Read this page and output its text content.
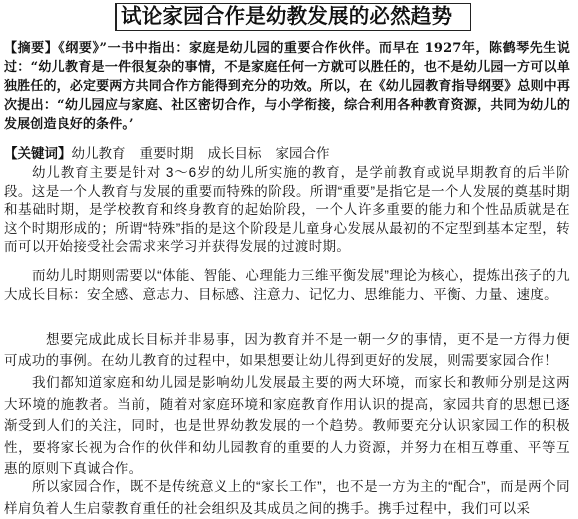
试论家园合作是幼教发展的必然趋势

【摘要】《纲要》”一书中指出：家庭是幼儿园的重要合作伙伴。而早在 1927年，陈鹤琴先生说过：“幼儿教育是一件很复杂的事情，不是家庭任何一方就可以胜任的，也不是幼儿园一方可以单独胜任的，必定要两方共同合作方能得到充分的功效。所以，在《幼儿园教育指导纲要》总则中再次提出：“幼儿园应与家庭、社区密切合作，与小学衔接，综合利用各种教育资源，共同为幼儿的发展创造良好的条件。’

【关键词】幼儿教育 重要时期 成长目标 家园合作

幼儿教育主要是针对 3～6岁的幼儿所实施的教育，是学前教育或说早期教育的后半阶段。这是一个人教育与发展的重要而特殊的阶段。所谓“重要”是指它是一个人发展的奠基时期和基础时期，是学校教育和终身教育的起始阶段，一个人许多重要的能力和个性品质就是在这个时期形成的；所谓“特殊”指的是这个阶段是儿童身心发展从最初的不定型到基本定型，转而可以开始接受社会需求来学习并获得发展的过渡时期。

而幼儿时期则需要以“体能、智能、心理能力三维平衡发展”理论为核心，提炼出孩子的九大成长目标：安全感、意志力、目标感、注意力、记忆力、思维能力、平衡、力量、速度。

想要完成此成长目标并非易事，因为教育并不是一朝一夕的事情，更不是一方得力便可成功的事例。在幼儿教育的过程中，如果想要让幼儿得到更好的发展，则需要家园合作！

我们都知道家庭和幼儿园是影响幼儿发展最主要的两大环境，而家长和教师分别是这两大环境的施教者。当前，随着对家庭环境和家庭教育作用认识的提高，家园共育的思想已逐渐受到人们的关注，同时，也是世界幼教发展的一个趋势。教师要充分认识家园工作的积极性，要将家长视为合作的伙伴和幼儿园教育的重要的人力资源，并努力在相互尊重、平等互惠的原则下真诚合作。

所以家园合作，既不是传统意义上的“家长工作”，也不是一方为主的“配合”，而是两个同样肩负着人生启蒙教育重任的社会组织及其成员之间的携手。携手过程中，我们可以采
